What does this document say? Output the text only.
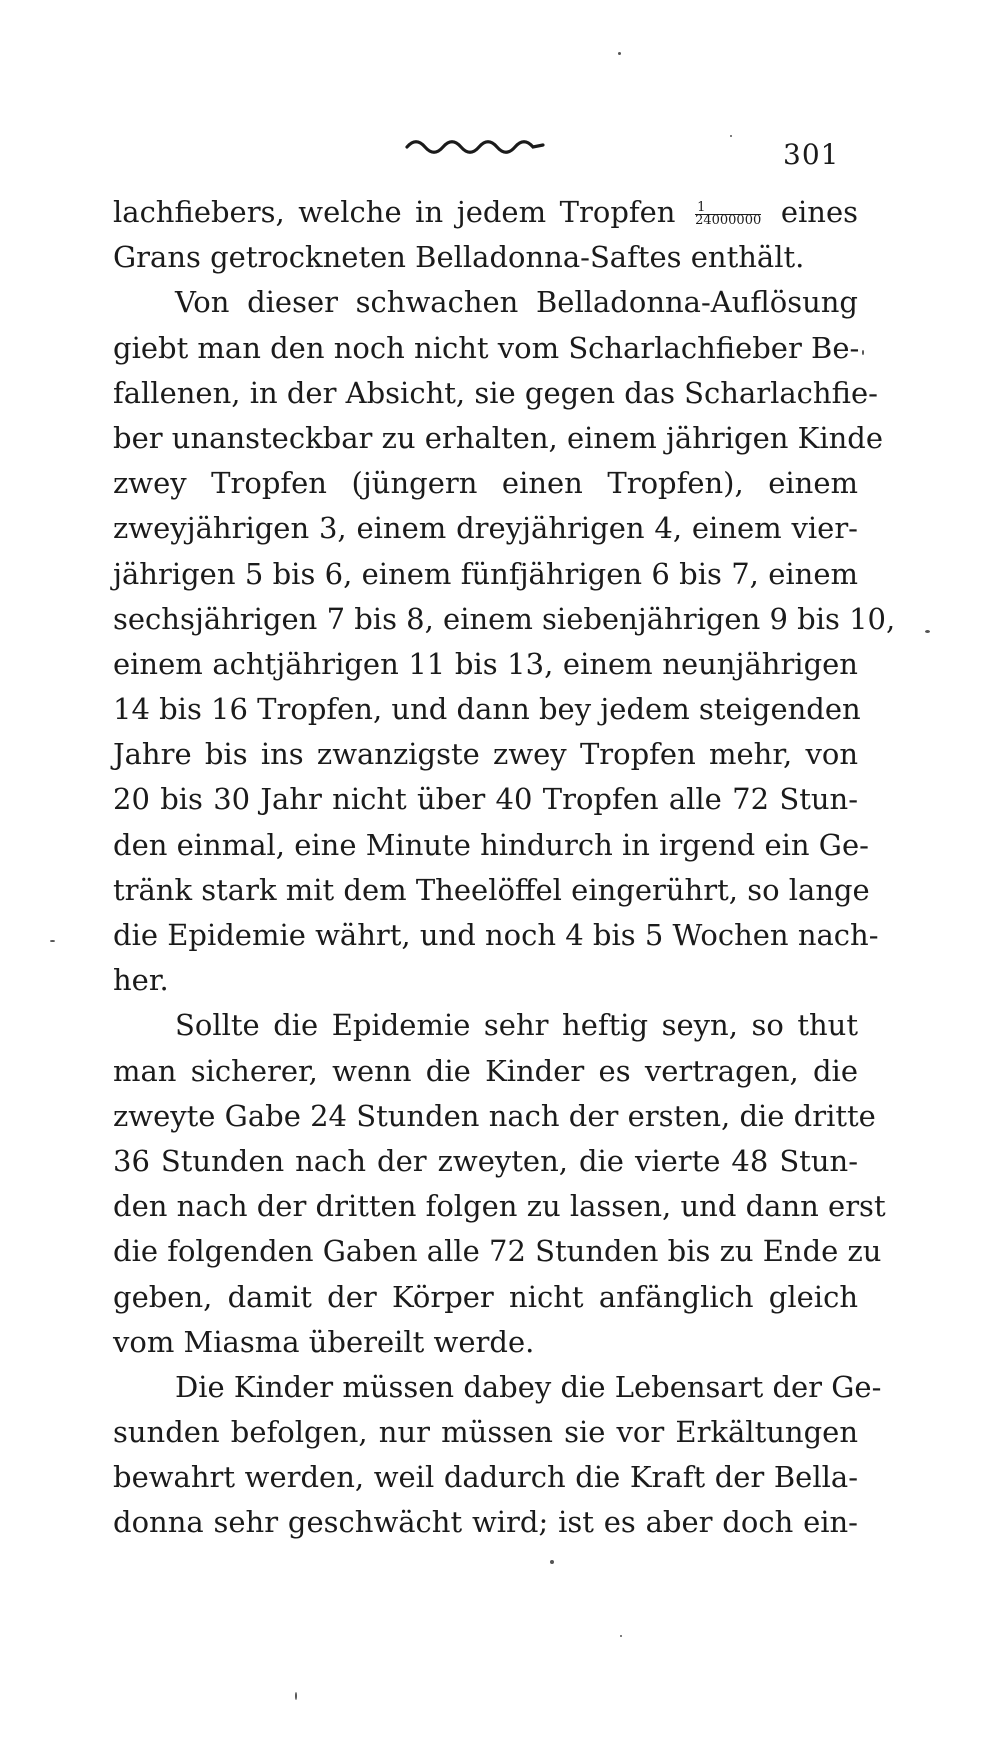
301
lachfiebers, welche in jedem Tropfen $\frac{1}{24000000}$ eines
Grans getrockneten Belladonna-Saftes enthält.
Von dieser schwachen Belladonna-Auflösung
giebt man den noch nicht vom Scharlachfieber Be-
fallenen, in der Absicht, sie gegen das Scharlachfie-
ber unansteckbar zu erhalten, einem jährigen Kinde
zwey Tropfen (jüngern einen Tropfen), einem
zweyjährigen 3, einem dreyjährigen 4, einem vier-
jährigen 5 bis 6, einem fünfjährigen 6 bis 7, einem
sechsjährigen 7 bis 8, einem siebenjährigen 9 bis 10,
einem achtjährigen 11 bis 13, einem neunjährigen
14 bis 16 Tropfen, und dann bey jedem steigenden
Jahre bis ins zwanzigste zwey Tropfen mehr, von
20 bis 30 Jahr nicht über 40 Tropfen alle 72 Stun-
den einmal, eine Minute hindurch in irgend ein Ge-
tränk stark mit dem Theelöffel eingerührt, so lange
die Epidemie währt, und noch 4 bis 5 Wochen nach-
her.
Sollte die Epidemie sehr heftig seyn, so thut
man sicherer, wenn die Kinder es vertragen, die
zweyte Gabe 24 Stunden nach der ersten, die dritte
36 Stunden nach der zweyten, die vierte 48 Stun-
den nach der dritten folgen zu lassen, und dann erst
die folgenden Gaben alle 72 Stunden bis zu Ende zu
geben, damit der Körper nicht anfänglich gleich
vom Miasma übereilt werde.
Die Kinder müssen dabey die Lebensart der Ge-
sunden befolgen, nur müssen sie vor Erkältungen
bewahrt werden, weil dadurch die Kraft der Bella-
donna sehr geschwächt wird; ist es aber doch ein-
